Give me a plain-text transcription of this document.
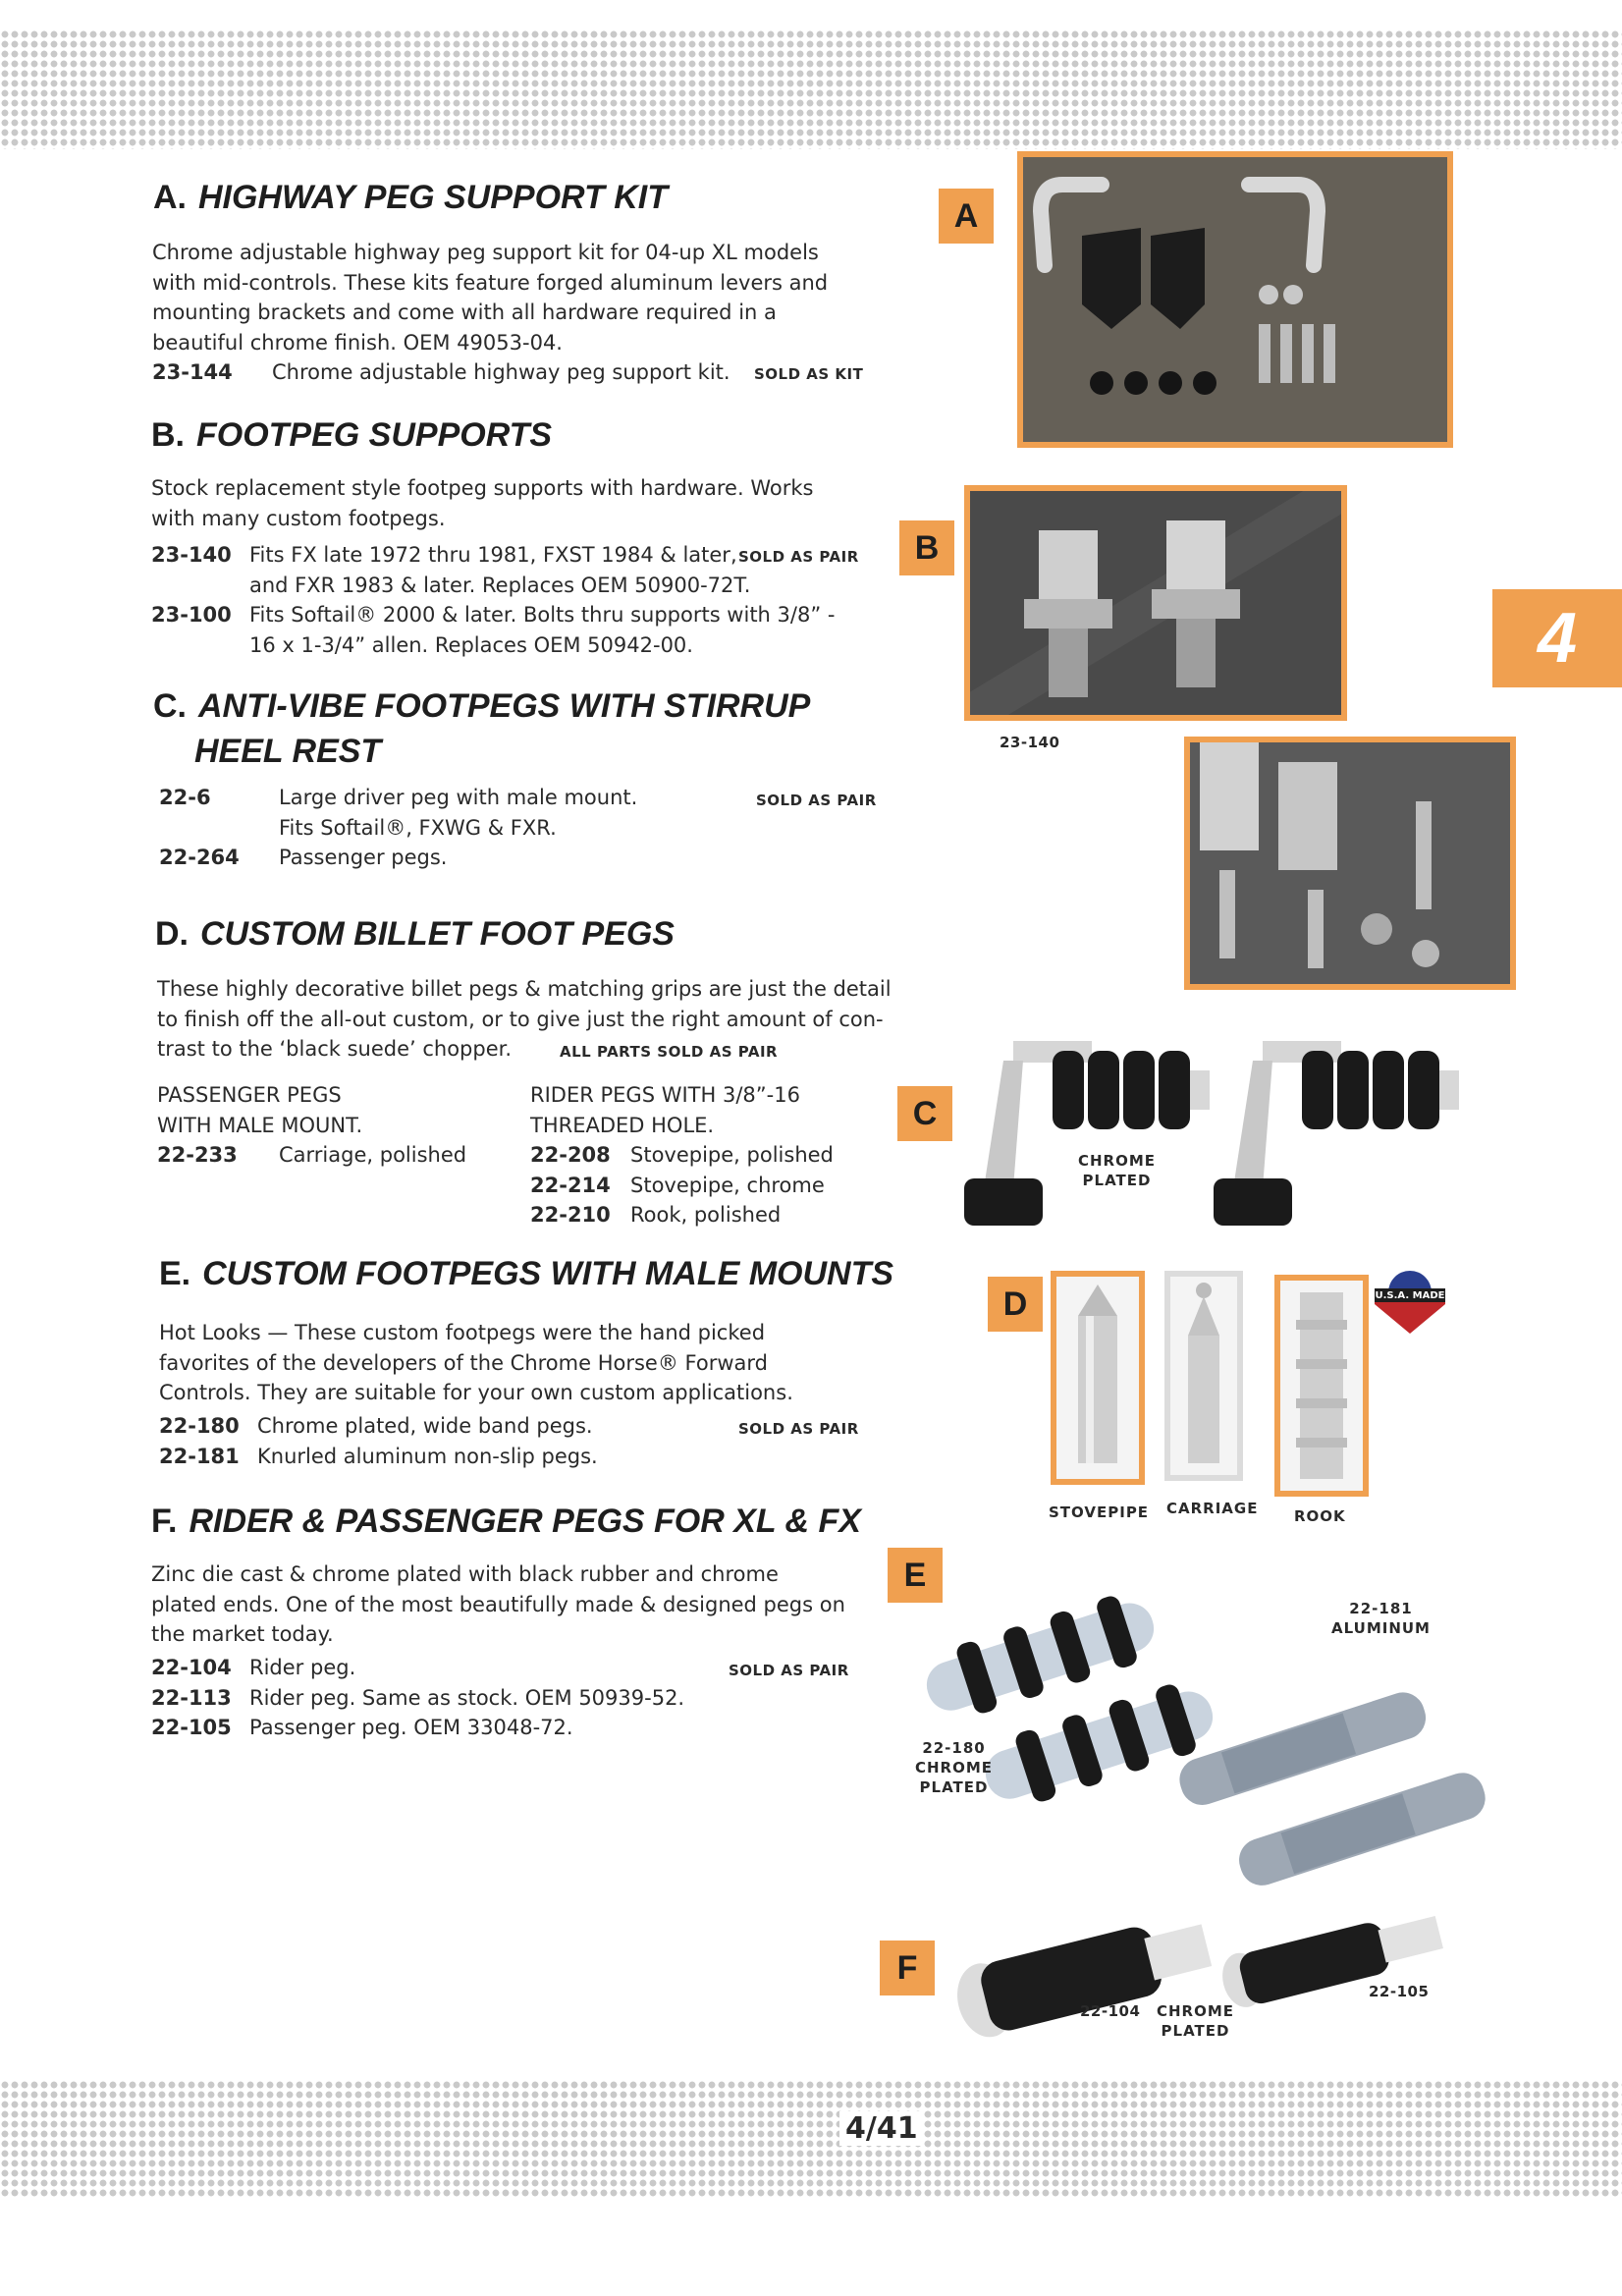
4
A. HIGHWAY PEG SUPPORT KIT

Chrome adjustable highway peg support kit for 04-up XL models with mid-controls. These kits feature forged aluminum levers and mounting brackets and come with all hardware required in a beautiful chrome finish. OEM 49053-04.

23-144 Chrome adjustable highway peg support kit. SOLD AS KIT
B. FOOTPEG SUPPORTS

Stock replacement style footpeg supports with hardware. Works with many custom footpegs.

23-140 Fits FX late 1972 thru 1981, FXST 1984 & later,
and FXR 1983 & later. Replaces OEM 50900-72T.
SOLD AS PAIR
23-100 Fits Softail® 2000 & later. Bolts thru supports with 3/8” -
16 x 1-3/4” allen. Replaces OEM 50942-00.
C. ANTI-VIBE FOOTPEGS WITH STIRRUP
HEEL REST
22-6	Large driver peg with male mount.
Fits Softail®, FXWG & FXR.
SOLD AS PAIR
22-264 Passenger pegs.
D. CUSTOM BILLET FOOT PEGS
These highly decorative billet pegs & matching grips are just the detail
to finish off the all-out custom, or to give just the right amount of con-
trast to the ‘black suede’ chopper.	ALL PARTS SOLD AS PAIR
PASSENGER PEGS
WITH MALE MOUNT.
22-233 Carriage, polished
RIDER PEGS WITH 3/8”-16
THREADED HOLE.
22-208 Stovepipe, polished
22-214 Stovepipe, chrome
22-210 Rook, polished
E. CUSTOM FOOTPEGS WITH MALE MOUNTS

Hot Looks — These custom footpegs were the hand picked favorites of the developers of the Chrome Horse® Forward Controls. They are suitable for your own custom applications.

22-180 Chrome plated, wide band pegs.	SOLD AS PAIR
22-181 Knurled aluminum non-slip pegs.
F. RIDER & PASSENGER PEGS FOR XL & FX

Zinc die cast & chrome plated with black rubber and chrome plated ends. One of the most beautifully made & designed pegs on the market today.

22-104 Rider peg.
22-113 Rider peg. Same as stock. OEM 50939-52.
22-105 Passenger peg. OEM 33048-72.
SOLD AS PAIR
A
B
23-140
C
CHROME
PLATED
D	U.S.A. MADE
STOVEPIPE CARRIAGE ROOK
E
22-181
ALUMINUM
22-180
CHROME
PLATED
F
22-104 CHROME
PLATED
22-105
4/41
